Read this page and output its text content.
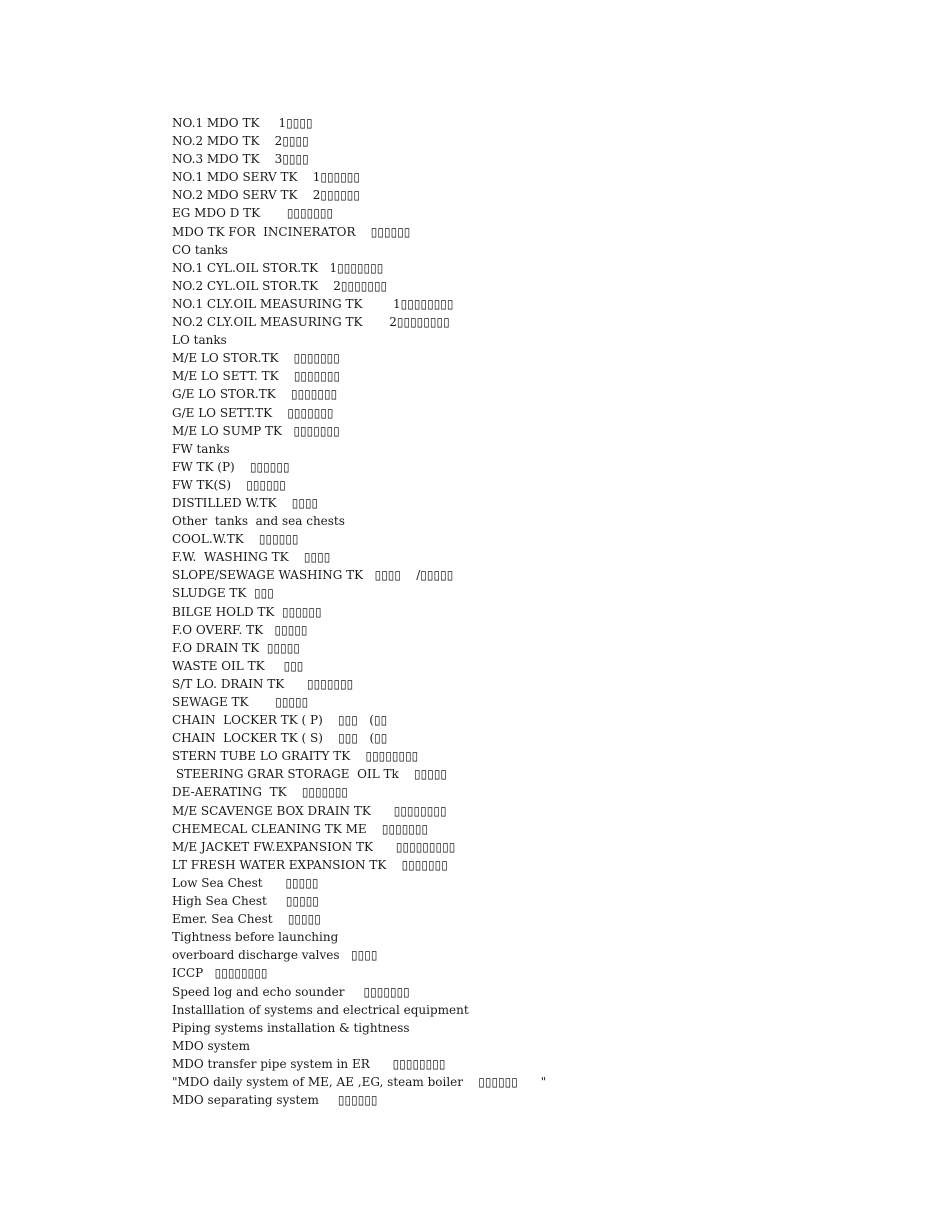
NO.1 MDO TK     1▯▯▯▯
NO.2 MDO TK    2▯▯▯▯
NO.3 MDO TK    3▯▯▯▯
NO.1 MDO SERV TK    1▯▯▯▯▯▯
NO.2 MDO SERV TK    2▯▯▯▯▯▯
EG MDO D TK       ▯▯▯▯▯▯▯
MDO TK FOR  INCINERATOR    ▯▯▯▯▯▯
CO tanks
NO.1 CYL.OIL STOR.TK   1▯▯▯▯▯▯▯
NO.2 CYL.OIL STOR.TK    2▯▯▯▯▯▯▯
NO.1 CLY.OIL MEASURING TK        1▯▯▯▯▯▯▯▯
NO.2 CLY.OIL MEASURING TK       2▯▯▯▯▯▯▯▯
LO tanks
M/E LO STOR.TK    ▯▯▯▯▯▯▯
M/E LO SETT. TK    ▯▯▯▯▯▯▯
G/E LO STOR.TK    ▯▯▯▯▯▯▯
G/E LO SETT.TK    ▯▯▯▯▯▯▯
M/E LO SUMP TK   ▯▯▯▯▯▯▯
FW tanks
FW TK (P)    ▯▯▯▯▯▯
FW TK(S)    ▯▯▯▯▯▯
DISTILLED W.TK    ▯▯▯▯
Other  tanks  and sea chests
COOL.W.TK    ▯▯▯▯▯▯
F.W.  WASHING TK    ▯▯▯▯
SLOPE/SEWAGE WASHING TK   ▯▯▯▯    /▯▯▯▯▯
SLUDGE TK  ▯▯▯
BILGE HOLD TK  ▯▯▯▯▯▯
F.O OVERF. TK   ▯▯▯▯▯
F.O DRAIN TK  ▯▯▯▯▯
WASTE OIL TK     ▯▯▯
S/T LO. DRAIN TK      ▯▯▯▯▯▯▯
SEWAGE TK       ▯▯▯▯▯
CHAIN  LOCKER TK ( P)    ▯▯▯   (▯▯
CHAIN  LOCKER TK ( S)    ▯▯▯   (▯▯
STERN TUBE LO GRAITY TK    ▯▯▯▯▯▯▯▯
STEERING GRAR STORAGE  OIL Tk    ▯▯▯▯▯
DE-AERATING  TK    ▯▯▯▯▯▯▯
M/E SCAVENGE BOX DRAIN TK      ▯▯▯▯▯▯▯▯
CHEMECAL CLEANING TK ME    ▯▯▯▯▯▯▯
M/E JACKET FW.EXPANSION TK      ▯▯▯▯▯▯▯▯▯
LT FRESH WATER EXPANSION TK    ▯▯▯▯▯▯▯
Low Sea Chest      ▯▯▯▯▯
High Sea Chest     ▯▯▯▯▯
Emer. Sea Chest    ▯▯▯▯▯
Tightness before launching
overboard discharge valves   ▯▯▯▯
ICCP   ▯▯▯▯▯▯▯▯
Speed log and echo sounder     ▯▯▯▯▯▯▯
Installlation of systems and electrical equipment
Piping systems installation & tightness
MDO system
MDO transfer pipe system in ER      ▯▯▯▯▯▯▯▯
"MDO daily system of ME, AE ,EG, steam boiler    ▯▯▯▯▯▯      "
MDO separating system     ▯▯▯▯▯▯
